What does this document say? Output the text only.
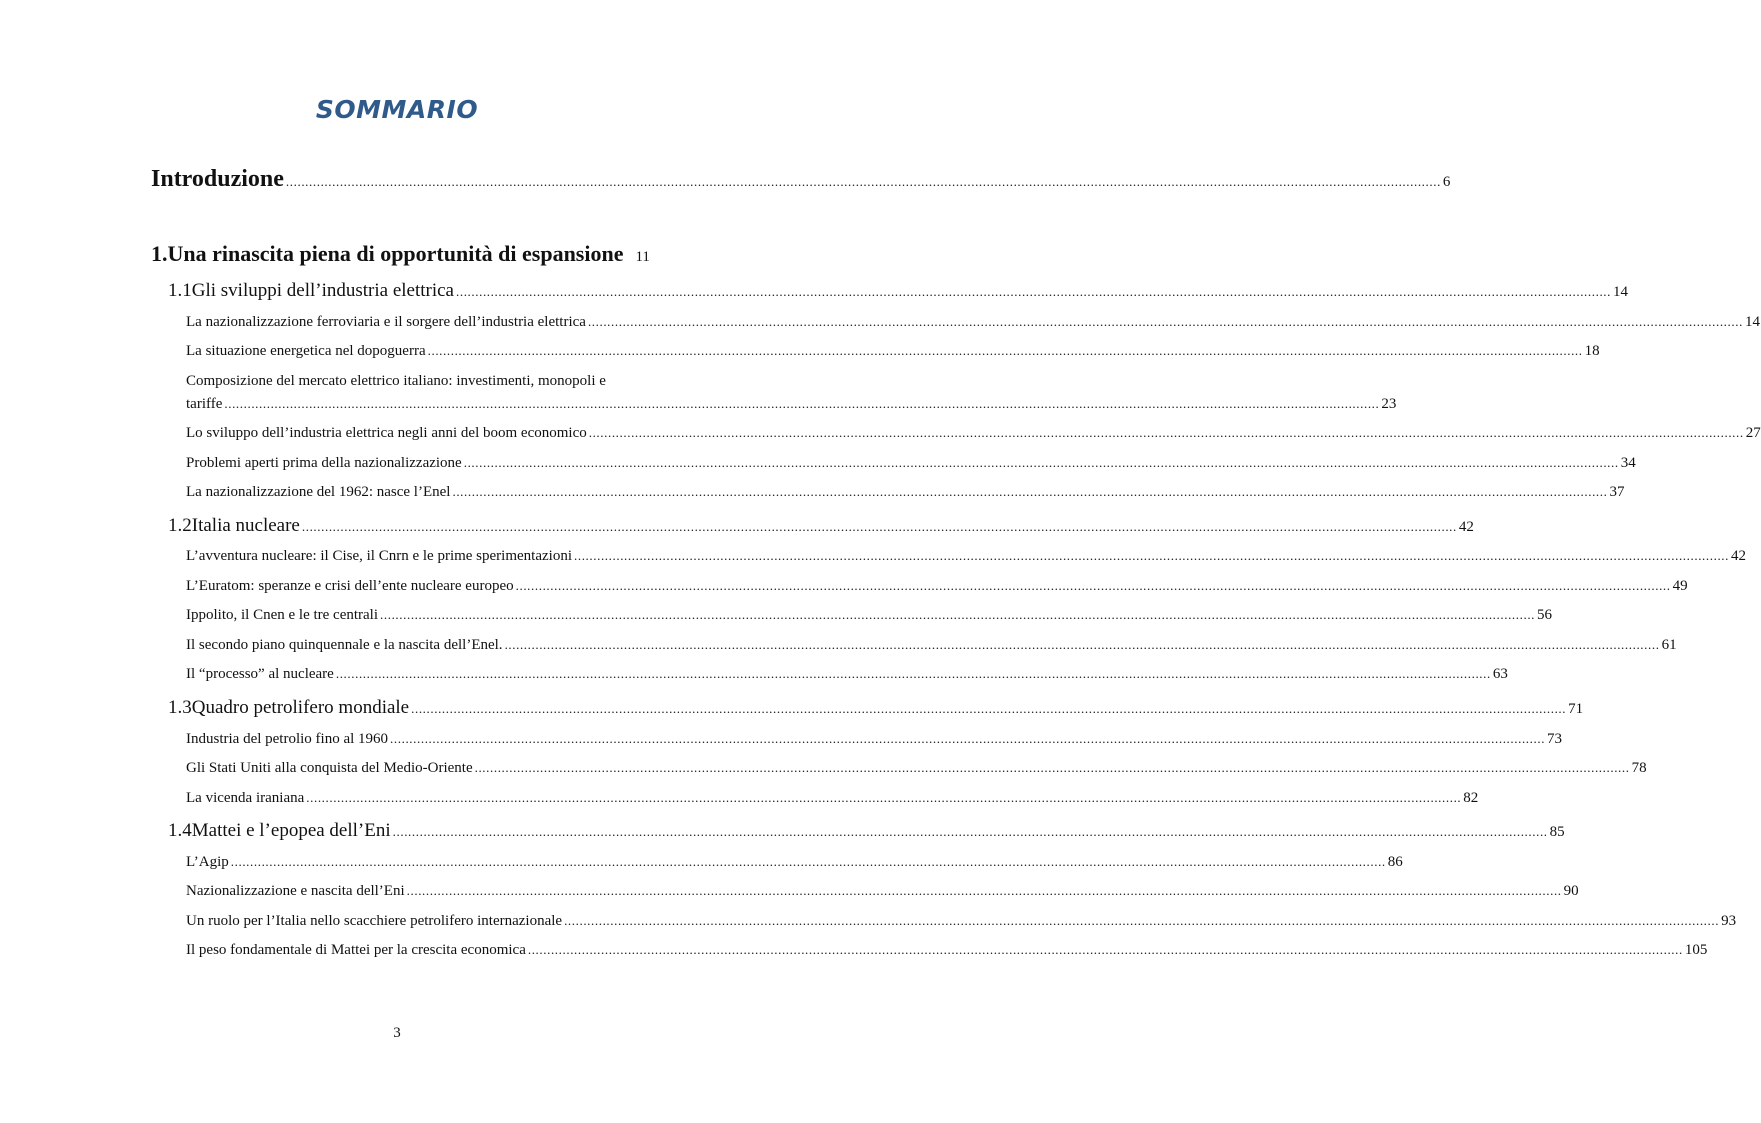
SOMMARIO
Introduzione ............................................................................................................................................................................................................................................................................................................ 6
1.Una rinascita piena di opportunità di espansione 11
1.1 Gli sviluppi dell’industria elettrica ............................................................................................................................................................................................................................................................................................................ 14
La nazionalizzazione ferroviaria e il sorgere dell’industria elettrica ............................................................................................................................................................................................................................................................................................................ 14
La situazione energetica nel dopoguerra ............................................................................................................................................................................................................................................................................................................ 18
Composizione del mercato elettrico italiano: investimenti, monopoli e
tariffe ............................................................................................................................................................................................................................................................................................................ 23
Lo sviluppo dell’industria elettrica negli anni del boom economico ............................................................................................................................................................................................................................................................................................................ 27
Problemi aperti prima della nazionalizzazione ............................................................................................................................................................................................................................................................................................................ 34
La nazionalizzazione del 1962: nasce l’Enel ............................................................................................................................................................................................................................................................................................................ 37
1.2 Italia nucleare ............................................................................................................................................................................................................................................................................................................ 42
L’avventura nucleare: il Cise, il Cnrn e le prime sperimentazioni ............................................................................................................................................................................................................................................................................................................ 42
L’Euratom: speranze e crisi dell’ente nucleare europeo ............................................................................................................................................................................................................................................................................................................ 49
Ippolito, il Cnen e le tre centrali ............................................................................................................................................................................................................................................................................................................ 56
Il secondo piano quinquennale e la nascita dell’Enel. ............................................................................................................................................................................................................................................................................................................ 61
Il “processo” al nucleare ............................................................................................................................................................................................................................................................................................................ 63
1.3 Quadro petrolifero mondiale ............................................................................................................................................................................................................................................................................................................ 71
Industria del petrolio fino al 1960 ............................................................................................................................................................................................................................................................................................................ 73
Gli Stati Uniti alla conquista del Medio-Oriente ............................................................................................................................................................................................................................................................................................................ 78
La vicenda iraniana ............................................................................................................................................................................................................................................................................................................ 82
1.4 Mattei e l’epopea dell’Eni ............................................................................................................................................................................................................................................................................................................ 85
L’Agip ............................................................................................................................................................................................................................................................................................................ 86
Nazionalizzazione e nascita dell’Eni ............................................................................................................................................................................................................................................................................................................ 90
Un ruolo per l’Italia nello scacchiere petrolifero internazionale ............................................................................................................................................................................................................................................................................................................ 93
Il peso fondamentale di Mattei per la crescita economica ............................................................................................................................................................................................................................................................................................................ 105
3
